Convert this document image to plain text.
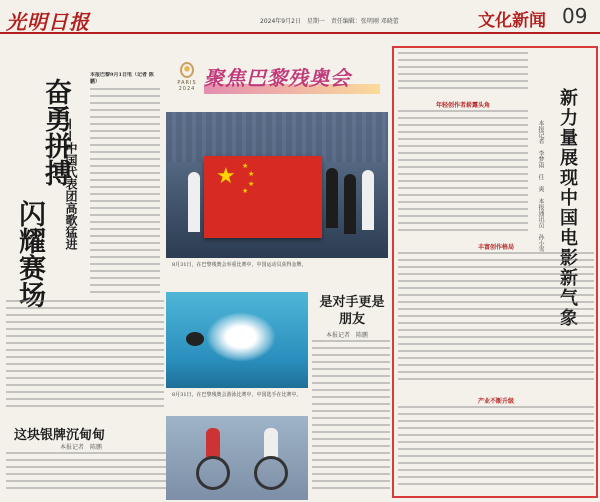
光明日报	2024年9月2日　星期一　责任编辑：张明刚 邓晓蕾	文化新闻 09
奋勇拼搏
闪耀赛场
——中国代表团高歌猛进
本报巴黎9月1日电（记者 陈鹏）
这块银牌沉甸甸
本报记者　陈鹏
PARIS 2024 聚焦巴黎残奥会
★ ★
★
★
★
8月31日，在巴黎残奥会举重比赛中，中国运动员获得金牌。
8月31日，在巴黎残奥会游泳比赛中，中国选手在比赛中。
是对手更是朋友
本报记者　陈鹏
新力量展现中国电影新气象
本报记者　李梦雨　任　爽　本报通讯员　孙小雪
年轻创作者崭露头角
丰富创作格局
产业不断升级
